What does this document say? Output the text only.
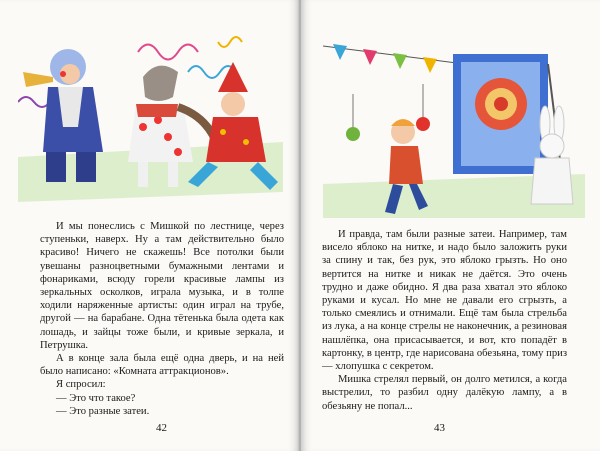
И мы понеслись с Мишкой по лестнице, через ступеньки, наверх. Ну а там действительно было красиво! Ничего не скажешь! Все потолки были увешаны разноцветными бумажными лентами и фонариками, всюду горели красивые лампы из зеркальных осколков, играла музыка, и в толпе ходили наряженные артисты: один играл на трубе, другой — на барабане. Одна тётенька была одета как лошадь, и зайцы тоже были, и кривые зеркала, и Петрушка.

А в конце зала была ещё одна дверь, и на ней было написано: «Комната аттракционов».

Я спросил:

— Это что такое?

— Это разные затеи.

42

И правда, там были разные затеи. Например, там висело яблоко на нитке, и надо было заложить руки за спину и так, без рук, это яблоко грызть. Но оно вертится на нитке и никак не даётся. Это очень трудно и даже обидно. Я два раза хватал это яблоко руками и кусал. Но мне не давали его сгрызть, а только смеялись и отнимали. Ещё там была стрельба из лука, а на конце стрелы не наконечник, а резиновая нашлёпка, она присасывается, и вот, кто попадёт в картонку, в центр, где нарисована обезьяна, тому приз — хлопушка с секретом.

Мишка стрелял первый, он долго метился, а когда выстрелил, то разбил одну далёкую лампу, а в обезьяну не попал...

43
